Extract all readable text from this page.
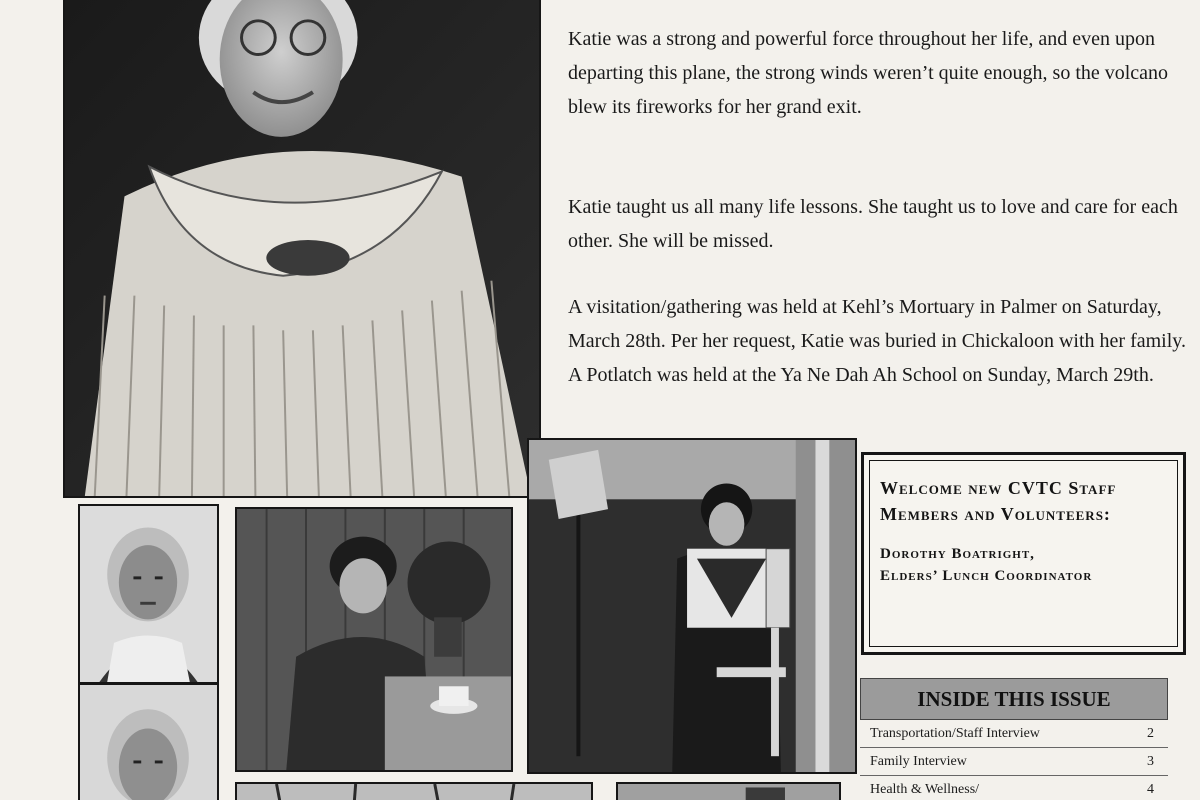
Katie was a strong and powerful force throughout her life, and even upon departing this plane, the strong winds weren’t quite enough, so the volcano blew its fireworks for her grand exit.

Katie taught us all many life lessons. She taught us to love and care for each other. She will be missed.

A visitation/gathering was held at Kehl’s Mortuary in Palmer on Saturday, March 28th. Per her request, Katie was buried in Chickaloon with her family. A Potlatch was held at the Ya Ne Dah Ah School on Sunday, March 29th.

Welcome new CVTC Staff Members and Volunteers:
Dorothy Boatright,
Elders’ Lunch Coordinator
INSIDE THIS ISSUE
Transportation/Staff Interview	2
Family Interview	3
Health & Wellness/	4
